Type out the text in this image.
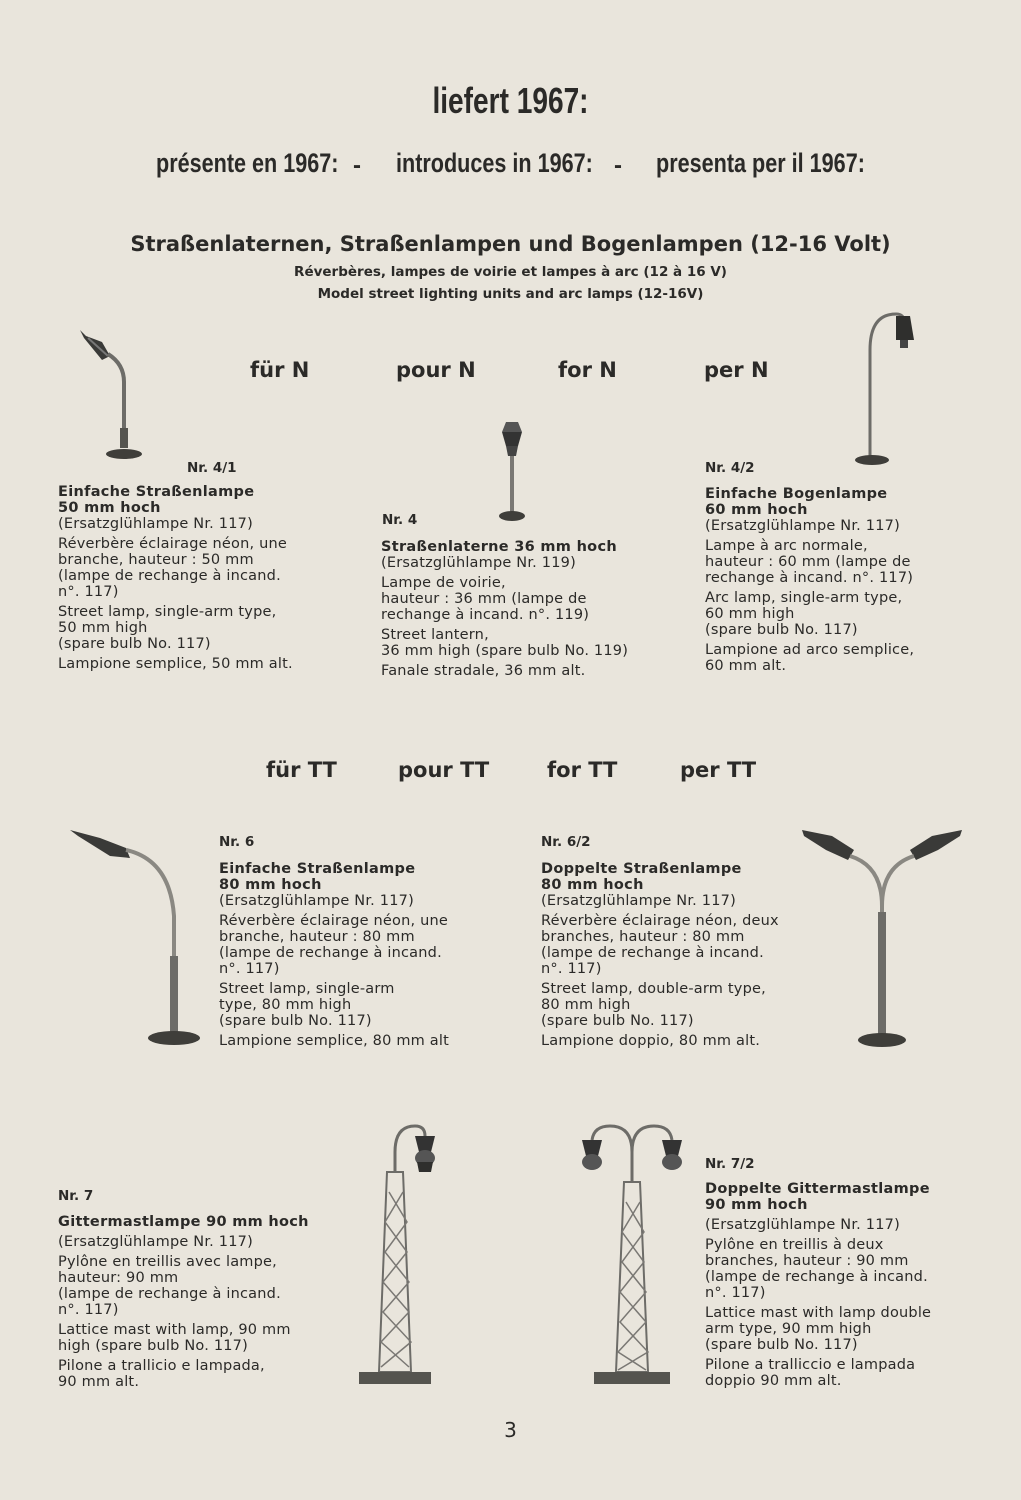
liefert 1967:
présente en 1967: - introduces in 1967: - presenta per il 1967:
Straßenlaternen, Straßenlampen und Bogenlampen (12-16 Volt)
Réverbères, lampes de voirie et lampes à arc (12 à 16 V)
Model street lighting units and arc lamps (12-16V)
für N	pour N	for N	per N
Nr. 4/1
Einfache Straßenlampe
50 mm hoch
(Ersatzglühlampe Nr. 117)
Réverbère éclairage néon, une
branche, hauteur : 50 mm
(lampe de rechange à incand.
n°. 117)
Street lamp, single-arm type,
50 mm high
(spare bulb No. 117)
Lampione semplice, 50 mm alt.
Nr. 4
Straßenlaterne 36 mm hoch
(Ersatzglühlampe Nr. 119)
Lampe de voirie,
hauteur : 36 mm (lampe de
rechange à incand. n°. 119)
Street lantern,
36 mm high (spare bulb No. 119)
Fanale stradale, 36 mm alt.
Nr. 4/2
Einfache Bogenlampe
60 mm hoch
(Ersatzglühlampe Nr. 117)
Lampe à arc normale,
hauteur : 60 mm (lampe de
rechange à incand. n°. 117)
Arc lamp, single-arm type,
60 mm high
(spare bulb No. 117)
Lampione ad arco semplice,
60 mm alt.
für TT	pour TT	for TT	per TT
Nr. 6
Einfache Straßenlampe
80 mm hoch
(Ersatzglühlampe Nr. 117)
Réverbère éclairage néon, une
branche, hauteur : 80 mm
(lampe de rechange à incand.
n°. 117)
Street lamp, single-arm
type, 80 mm high
(spare bulb No. 117)
Lampione semplice, 80 mm alt
Nr. 6/2
Doppelte Straßenlampe
80 mm hoch
(Ersatzglühlampe Nr. 117)
Réverbère éclairage néon, deux
branches, hauteur : 80 mm
(lampe de rechange à incand.
n°. 117)
Street lamp, double-arm type,
80 mm high
(spare bulb No. 117)
Lampione doppio, 80 mm alt.
Nr. 7
Gittermastlampe 90 mm hoch
(Ersatzglühlampe Nr. 117)
Pylône en treillis avec lampe,
hauteur: 90 mm
(lampe de rechange à incand.
n°. 117)
Lattice mast with lamp, 90 mm
high (spare bulb No. 117)
Pilone a trallicio e lampada,
90 mm alt.
Nr. 7/2
Doppelte Gittermastlampe
90 mm hoch
(Ersatzglühlampe Nr. 117)
Pylône en treillis à deux
branches, hauteur : 90 mm
(lampe de rechange à incand.
n°. 117)
Lattice mast with lamp double
arm type, 90 mm high
(spare bulb No. 117)
Pilone a tralliccio e lampada
doppio 90 mm alt.
3
